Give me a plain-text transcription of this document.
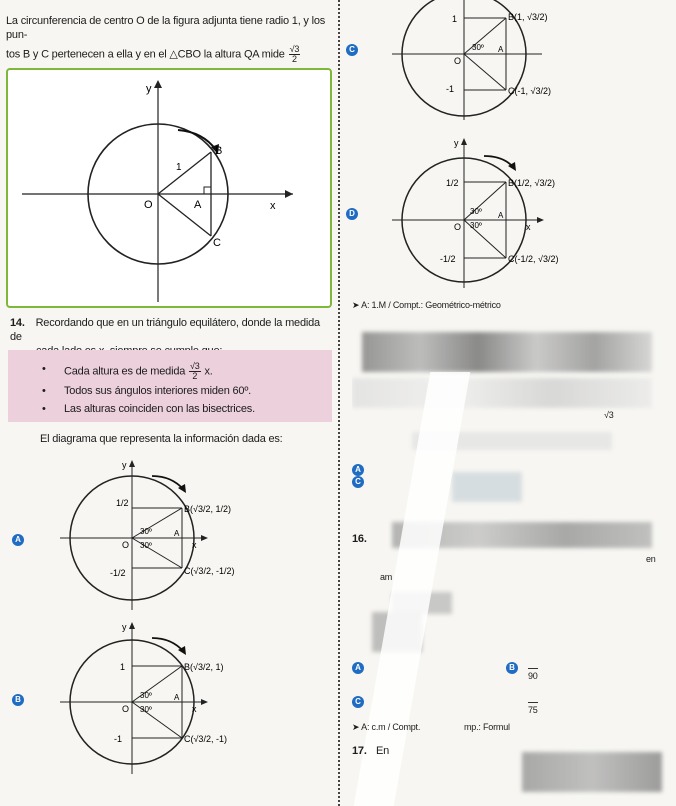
La circunferencia de centro O de la figura adjunta tiene radio 1, y los pun-
tos B y C pertenecen a ella y en el △CBO la altura QA mide $\frac{√3}{2}$
y
x
O	A
B
C
1
14. Recordando que en un triángulo equilátero, donde la medida de
Cada altura es de medida $\frac{√3}{2} x$.
Todos sus ángulos interiores miden 60º.
Las alturas coinciden con las bisectrices.
El diagrama que representa la información dada es:
A
y
1/2
-1/2
O	x
A
30º
30º
B(√3/2, 1/2)
C(√3/2, -1/2)
B
y
1
-1
O	x
A
30º
30º
B(√3/2, 1)
C(√3/2, -1)
C
1
-1
O
30º A
B(1, √3/2)
C(-1, √3/2)
D
y
1/2
-1/2
O	x
A
30º
30º
B(1/2, √3/2)
C(-1/2, √3/2)
➤ A: 1.M / Compt.: Geométrico-métrico
√3
16.
en
am
A
C
A	B
90
C
75
➤ A: c.m / Compt.	mp.: Formul
17. En
